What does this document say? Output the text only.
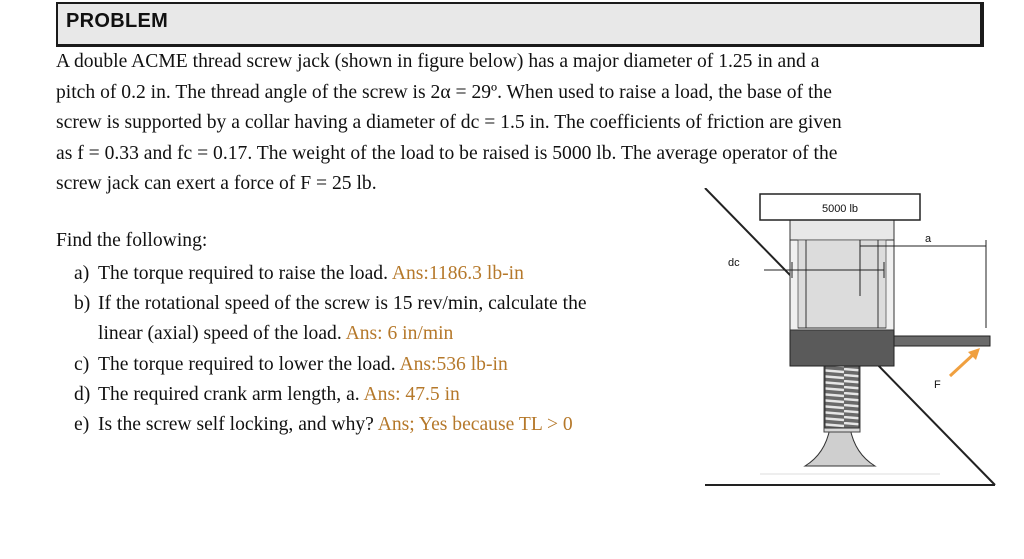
PROBLEM
A double ACME thread screw jack (shown in figure below) has a major diameter of 1.25 in and a
pitch of 0.2 in. The thread angle of the screw is 2α = 29º. When used to raise a load, the base of the
screw is supported by a collar having a diameter of dc = 1.5 in. The coefficients of friction are given
as f = 0.33 and fc = 0.17. The weight of the load to be raised is 5000 lb. The average operator of the
screw jack can exert a force of F = 25 lb.
Find the following:
a) The torque required to raise the load. Ans:1186.3 lb-in
b) If the rotational speed of the screw is 15 rev/min, calculate the
linear (axial) speed of the load. Ans: 6 in/min
c) The torque required to lower the load. Ans:536 lb-in
d) The required crank arm length, a. Ans: 47.5 in
e) Is the screw self locking, and why? Ans; Yes because TL > 0
5000 lb
dc
a
F
